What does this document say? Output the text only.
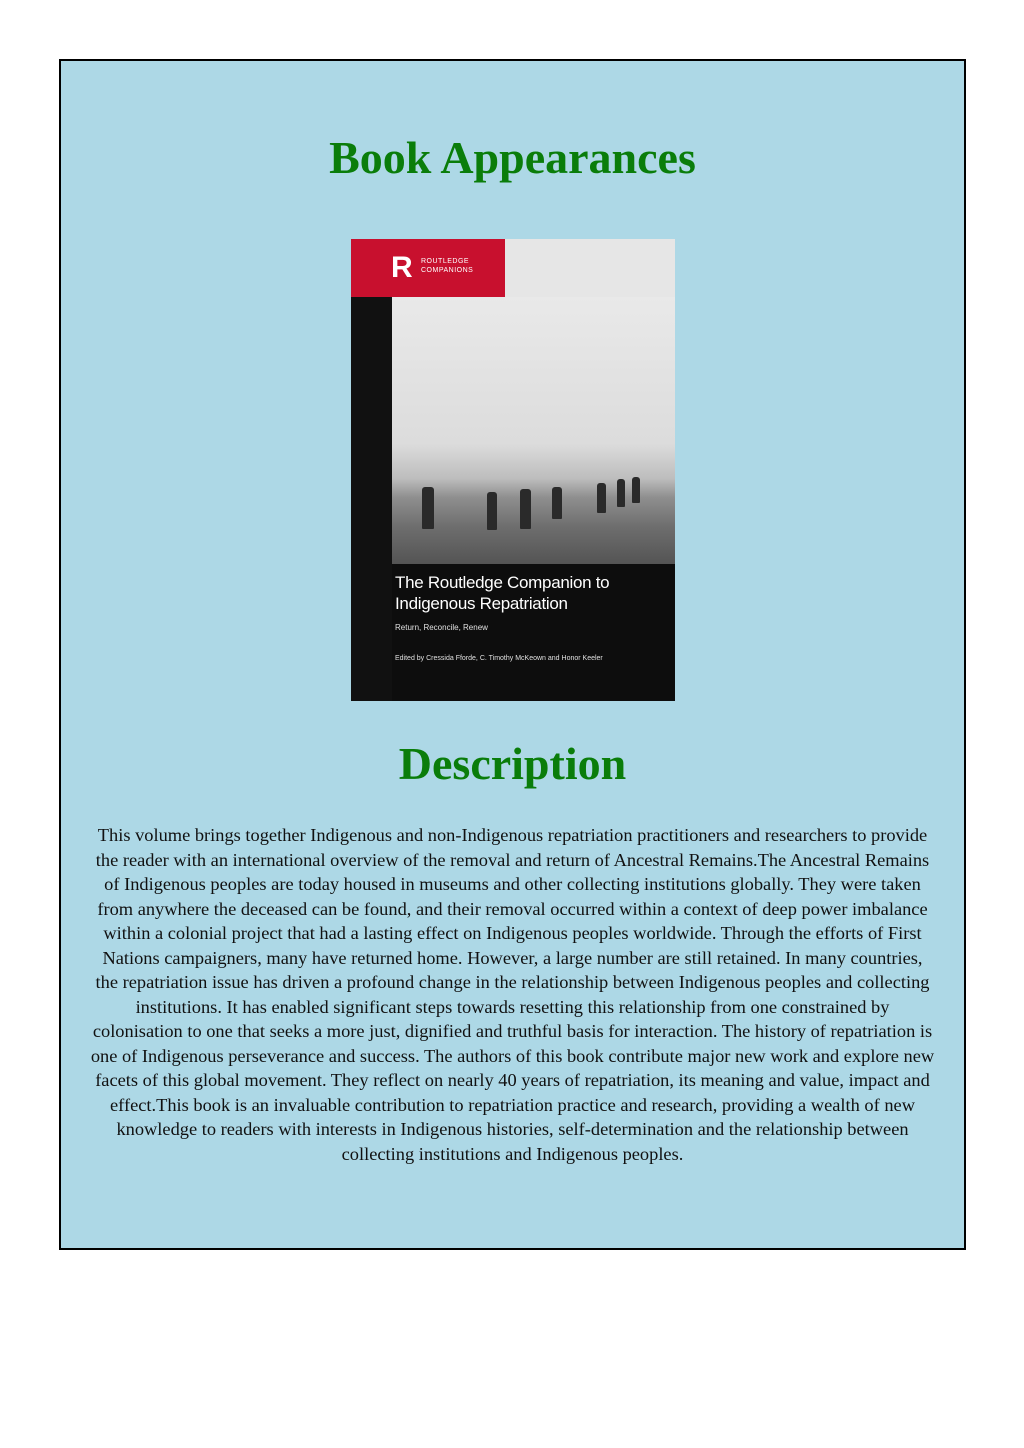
Book Appearances
R ROUTLEDGE COMPANIONS
The Routledge Companion to Indigenous Repatriation
Return, Reconcile, Renew
Edited by Cressida Fforde, C. Timothy McKeown and Honor Keeler
Description

This volume brings together Indigenous and non-Indigenous repatriation practitioners and researchers to provide the reader with an international overview of the removal and return of Ancestral Remains.The Ancestral Remains of Indigenous peoples are today housed in museums and other collecting institutions globally. They were taken from anywhere the deceased can be found, and their removal occurred within a context of deep power imbalance within a colonial project that had a lasting effect on Indigenous peoples worldwide. Through the efforts of First Nations campaigners, many have returned home. However, a large number are still retained. In many countries, the repatriation issue has driven a profound change in the relationship between Indigenous peoples and collecting institutions. It has enabled significant steps towards resetting this relationship from one constrained by colonisation to one that seeks a more just, dignified and truthful basis for interaction. The history of repatriation is one of Indigenous perseverance and success. The authors of this book contribute major new work and explore new facets of this global movement. They reflect on nearly 40 years of repatriation, its meaning and value, impact and effect.This book is an invaluable contribution to repatriation practice and research, providing a wealth of new knowledge to readers with interests in Indigenous histories, self-determination and the relationship between collecting institutions and Indigenous peoples.
